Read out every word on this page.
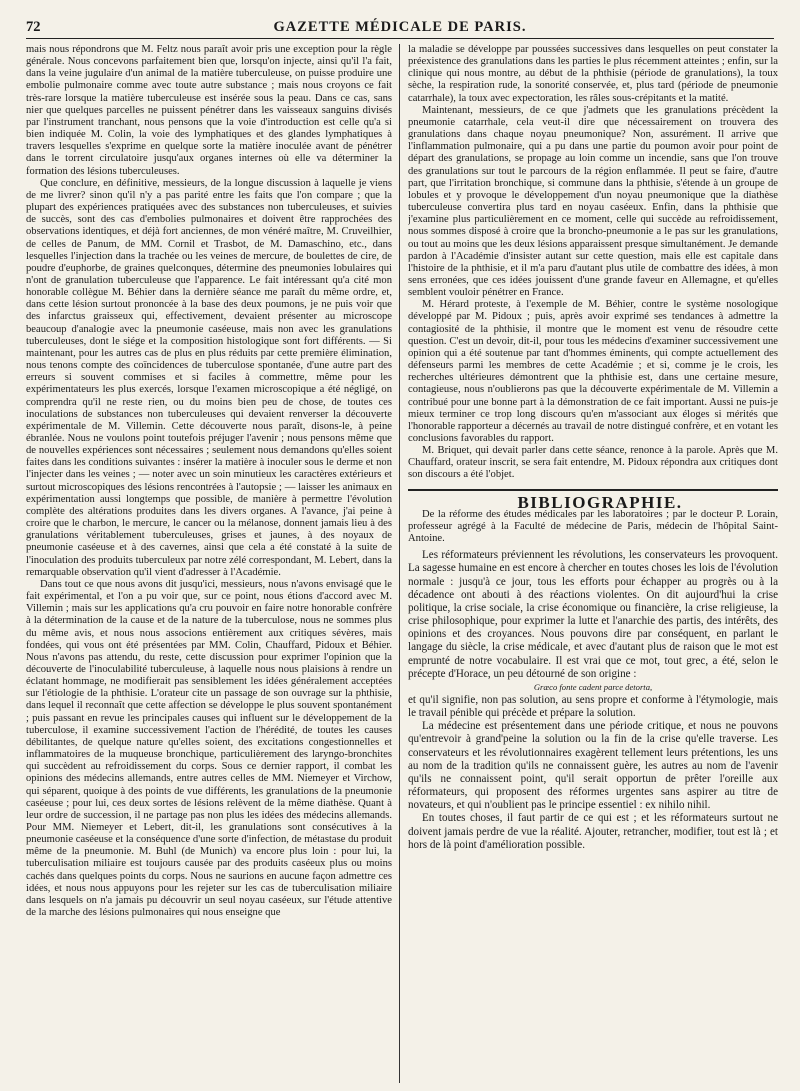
72	GAZETTE MÉDICALE DE PARIS.

mais nous répondrons que M. Feltz nous paraît avoir pris une exception pour la règle générale. Nous concevons parfaitement bien que, lorsqu'on injecte, ainsi qu'il l'a fait, dans la veine jugulaire d'un animal de la matière tuberculeuse, on puisse produire une embolie pulmonaire comme avec toute autre substance ; mais nous croyons ce fait très-rare lorsque la matière tuberculeuse est insérée sous la peau. Dans ce cas, sans nier que quelques parcelles ne puissent pénétrer dans les vaisseaux sanguins divisés par l'instrument tranchant, nous pensons que la voie d'introduction est celle qu'a si bien indiquée M. Colin, la voie des lymphatiques et des glandes lymphatiques à travers lesquelles s'exprime en quelque sorte la matière inoculée avant de pénétrer dans le torrent circulatoire jusqu'aux organes internes où elle va déterminer la formation des lésions tuberculeuses.

Que conclure, en définitive, messieurs, de la longue discussion à laquelle je viens de me livrer? sinon qu'il n'y a pas parité entre les faits que l'on compare ; que la plupart des expériences pratiquées avec des substances non tuberculeuses, et suivies de succès, sont des cas d'embolies pulmonaires et doivent être rapprochées des observations identiques, et déjà fort anciennes, de mon vénéré maître, M. Cruveilhier, de celles de Panum, de MM. Cornil et Trasbot, de M. Damaschino, etc., dans lesquelles l'injection dans la trachée ou les veines de mercure, de boulettes de cire, de poudre d'euphorbe, de graines quelconques, détermine des pneumonies lobulaires qui n'ont de granulation tuberculeuse que l'apparence. Le fait intéressant qu'a cité mon honorable collègue M. Béhier dans la dernière séance me paraît du même ordre, et, dans cette lésion surtout prononcée à la base des deux poumons, je ne puis voir que des infarctus graisseux qui, effectivement, devaient présenter au microscope beaucoup d'analogie avec la pneumonie caséeuse, mais non avec les granulations tuberculeuses, dont le siége et la composition histologique sont fort différents. — Si maintenant, pour les autres cas de plus en plus réduits par cette première élimination, nous tenons compte des coïncidences de tuberculose spontanée, d'une autre part des erreurs si souvent commises et si faciles à commettre, même pour les expérimentateurs les plus exercés, lorsque l'examen microscopique a été négligé, on comprendra qu'il ne reste rien, ou du moins bien peu de chose, de toutes ces inoculations de substances non tuberculeuses qui devaient renverser la découverte expérimentale de M. Villemin. Cette découverte nous paraît, disons-le, à peine ébranlée. Nous ne voulons point toutefois préjuger l'avenir ; nous pensons même que de nouvelles expériences sont nécessaires ; seulement nous demandons qu'elles soient faites dans les conditions suivantes : insérer la matière à inoculer sous le derme et non l'injecter dans les veines ; — noter avec un soin minutieux les caractères extérieurs et surtout microscopiques des lésions rencontrées à l'autopsie ; — laisser les animaux en expérimentation aussi longtemps que possible, de manière à permettre l'évolution complète des altérations produites dans les divers organes. A l'avance, j'ai peine à croire que le charbon, le mercure, le cancer ou la mélanose, donnent jamais lieu à des granulations véritablement tuberculeuses, grises et jaunes, à des noyaux de pneumonie caséeuse et à des cavernes, ainsi que cela a été constaté à la suite de l'inoculation des produits tuberculeux par notre zélé correspondant, M. Lebert, dans la remarquable observation qu'il vient d'adresser à l'Académie.

Dans tout ce que nous avons dit jusqu'ici, messieurs, nous n'avons envisagé que le fait expérimental, et l'on a pu voir que, sur ce point, nous étions d'accord avec M. Villemin ; mais sur les applications qu'a cru pouvoir en faire notre honorable confrère à la détermination de la cause et de la nature de la tuberculose, nous ne sommes plus du même avis, et nous nous associons entièrement aux critiques sévères, mais fondées, qui vous ont été présentées par MM. Colin, Chauffard, Pidoux et Béhier. Nous n'avons pas attendu, du reste, cette discussion pour exprimer l'opinion que la découverte de l'inoculabilité tuberculeuse, à laquelle nous nous plaisions à rendre un éclatant hommage, ne modifierait pas sensiblement les idées généralement acceptées sur l'étiologie de la phthisie. L'orateur cite un passage de son ouvrage sur la phthisie, dans lequel il reconnaît que cette affection se développe le plus souvent spontanément ; puis passant en revue les principales causes qui influent sur le développement de la tuberculose, il examine successivement l'action de l'hérédité, de toutes les causes débilitantes, de quelque nature qu'elles soient, des excitations congestionnelles et inflammatoires de la muqueuse bronchique, particulièrement des laryngo-bronchites qui succèdent au refroidissement du corps. Sous ce dernier rapport, il combat les opinions des médecins allemands, entre autres celles de MM. Niemeyer et Virchow, qui séparent, quoique à des points de vue différents, les granulations de la pneumonie caséeuse ; pour lui, ces deux sortes de lésions relèvent de la même diathèse. Quant à leur ordre de succession, il ne partage pas non plus les idées des médecins allemands. Pour MM. Niemeyer et Lebert, dit-il, les granulations sont consécutives à la pneumonie caséeuse et la conséquence d'une sorte d'infection, de métastase du produit même de la pneumonie. M. Buhl (de Munich) va encore plus loin : pour lui, la tuberculisation miliaire est toujours causée par des produits caséeux plus ou moins cachés dans quelques points du corps. Nous ne saurions en aucune façon admettre ces idées, et nous nous appuyons pour les rejeter sur les cas de tuberculisation miliaire dans lesquels on n'a jamais pu découvrir un seul noyau caséeux, sur l'étude attentive de la marche des lésions pulmonaires qui nous enseigne que

la maladie se développe par poussées successives dans lesquelles on peut constater la préexistence des granulations dans les parties le plus récemment atteintes ; enfin, sur la clinique qui nous montre, au début de la phthisie (période de granulations), la toux sèche, la respiration rude, la sonorité conservée, et, plus tard (période de pneumonie catarrhale), la toux avec expectoration, les râles sous-crépitants et la matité.

Maintenant, messieurs, de ce que j'admets que les granulations précèdent la pneumonie catarrhale, cela veut-il dire que nécessairement on trouvera des granulations dans chaque noyau pneumonique? Non, assurément. Il arrive que l'inflammation pulmonaire, qui a pu dans une partie du poumon avoir pour point de départ des granulations, se propage au loin comme un incendie, sans que l'on trouve des granulations sur tout le parcours de la région enflammée. Il peut se faire, d'autre part, que l'irritation bronchique, si commune dans la phthisie, s'étende à un groupe de lobules et y provoque le développement d'un noyau pneumonique que la diathèse tuberculeuse convertira plus tard en noyau caséeux. Enfin, dans la phthisie que j'examine plus particulièrement en ce moment, celle qui succède au refroidissement, nous sommes disposé à croire que la broncho-pneumonie a le pas sur les granulations, ou tout au moins que les deux lésions apparaissent presque simultanément. Je demande pardon à l'Académie d'insister autant sur cette question, mais elle est capitale dans l'histoire de la phthisie, et il m'a paru d'autant plus utile de combattre des idées, à mon sens erronées, que ces idées jouissent d'une grande faveur en Allemagne, et qu'elles semblent vouloir pénétrer en France.

M. Hérard proteste, à l'exemple de M. Béhier, contre le système nosologique développé par M. Pidoux ; puis, après avoir exprimé ses tendances à admettre la contagiosité de la phthisie, il montre que le moment est venu de résoudre cette question. C'est un devoir, dit-il, pour tous les médecins d'examiner successivement une opinion qui a été soutenue par tant d'hommes éminents, qui compte actuellement des défenseurs parmi les membres de cette Académie ; et si, comme je le crois, les recherches ultérieures démontrent que la phthisie est, dans une certaine mesure, contagieuse, nous n'oublierons pas que la découverte expérimentale de M. Villemin a contribué pour une bonne part à la démonstration de ce fait important. Aussi ne puis-je mieux terminer ce trop long discours qu'en m'associant aux éloges si mérités que l'honorable rapporteur a décernés au travail de notre distingué confrère, et en votant les conclusions favorables du rapport.

M. Briquet, qui devait parler dans cette séance, renonce à la parole. Après que M. Chauffard, orateur inscrit, se sera fait entendre, M. Pidoux répondra aux critiques dont son discours a été l'objet.

BIBLIOGRAPHIE.

De la réforme des études médicales par les laboratoires ; par le docteur P. Lorain, professeur agrégé à la Faculté de médecine de Paris, médecin de l'hôpital Saint-Antoine.

Les réformateurs préviennent les révolutions, les conservateurs les provoquent. La sagesse humaine en est encore à chercher en toutes choses les lois de l'évolution normale : jusqu'à ce jour, tous les efforts pour échapper au progrès ou à la décadence ont abouti à des réactions violentes. On dit aujourd'hui la crise politique, la crise sociale, la crise économique ou financière, la crise religieuse, la crise philosophique, pour exprimer la lutte et l'anarchie des partis, des intérêts, des opinions et des croyances. Nous pouvons dire par conséquent, en parlant le langage du siècle, la crise médicale, et avec d'autant plus de raison que le mot est emprunté de notre vocabulaire. Il est vrai que ce mot, tout grec, a été, selon le précepte d'Horace, un peu détourné de son origine :

Græco fonte cadent parce detorta,

et qu'il signifie, non pas solution, au sens propre et conforme à l'étymologie, mais le travail pénible qui précède et prépare la solution.

La médecine est présentement dans une période critique, et nous ne pouvons qu'entrevoir à grand'peine la solution ou la fin de la crise qu'elle traverse. Les conservateurs et les révolutionnaires exagèrent tellement leurs prétentions, les uns au nom de la tradition qu'ils ne connaissent guère, les autres au nom de l'avenir qu'ils ne connaissent point, qu'il serait opportun de prêter l'oreille aux réformateurs, qui proposent des réformes urgentes sans aspirer au titre de novateurs, et qui n'oublient pas le principe essentiel : ex nihilo nihil.

En toutes choses, il faut partir de ce qui est ; et les réformateurs surtout ne doivent jamais perdre de vue la réalité. Ajouter, retrancher, modifier, tout est là ; et hors de là point d'amélioration possible.
